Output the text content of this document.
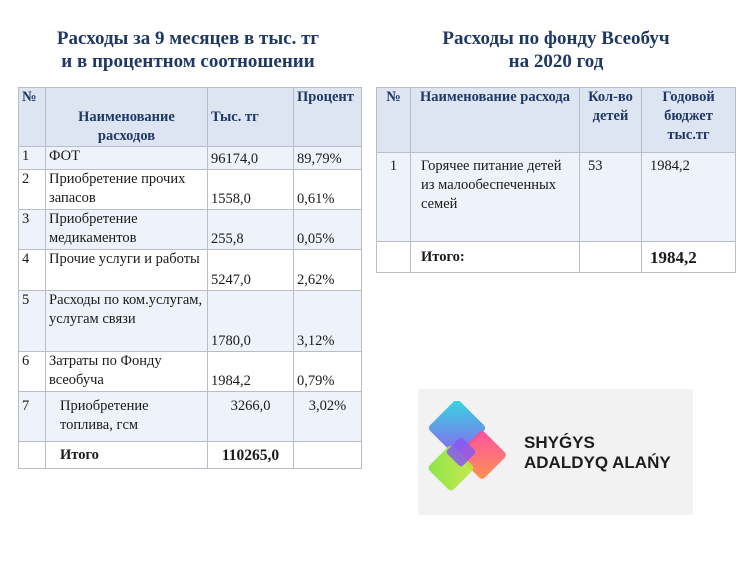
Расходы за 9 месяцев в тыс. тг
и в процентном соотношении
Расходы по фонду Всеобуч
на 2020 год
№	Наименование расходов	Тыс. тг	Процент
1	ФОТ	96174,0	89,79%
2	Приобретение прочих запасов	1558,0	0,61%
3	Приобретение медикаментов	255,8	0,05%
4	Прочие услуги и работы	5247,0	2,62%
5	Расходы по ком.услугам, услугам связи	1780,0	3,12%
6	Затраты по Фонду всеобуча	1984,2	0,79%
7	Приобретение топлива, гсм	3266,0	3,02%
	Итого	110265,0	
№	Наименование расхода	Кол-во детей	Годовой бюджет тыс.тг
1	Горячее питание детей из малообеспеченных семей	53	1984,2
	Итого:		1984,2
SHYǴYS
ADALDYQ ALAŃY
